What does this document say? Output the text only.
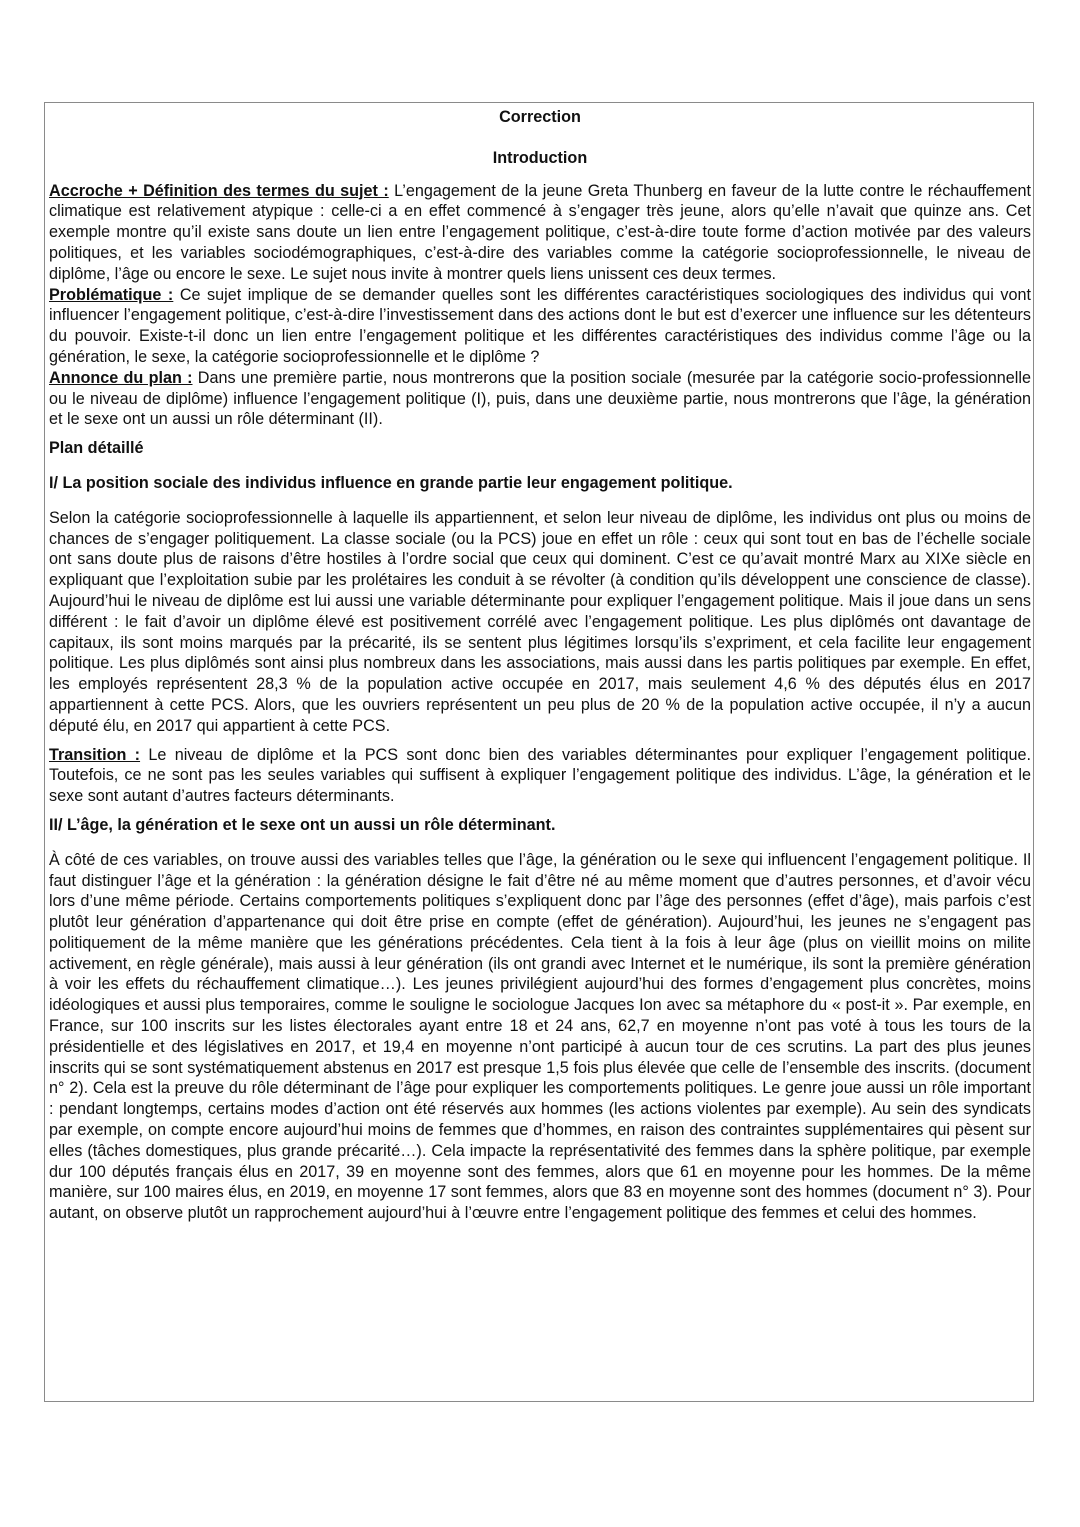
Correction
Introduction

Accroche + Définition des termes du sujet : L’engagement de la jeune Greta Thunberg en faveur de la lutte contre le réchauffement climatique est relativement atypique : celle-ci a en effet commencé à s’engager très jeune, alors qu’elle n’avait que quinze ans. Cet exemple montre qu’il existe sans doute un lien entre l’engagement politique, c’est-à-dire toute forme d’action motivée par des valeurs politiques, et les variables sociodémographiques, c’est-à-dire des variables comme la catégorie socioprofessionnelle, le niveau de diplôme, l’âge ou encore le sexe. Le sujet nous invite à montrer quels liens unissent ces deux termes.

Problématique : Ce sujet implique de se demander quelles sont les différentes caractéristiques sociologiques des individus qui vont influencer l’engagement politique, c’est-à-dire l’investissement dans des actions dont le but est d’exercer une influence sur les détenteurs du pouvoir. Existe-t-il donc un lien entre l’engagement politique et les différentes caractéristiques des individus comme l’âge ou la génération, le sexe, la catégorie socioprofessionnelle et le diplôme ?

Annonce du plan : Dans une première partie, nous montrerons que la position sociale (mesurée par la catégorie socio-professionnelle ou le niveau de diplôme) influence l’engagement politique (I), puis, dans une deuxième partie, nous montrerons que l’âge, la génération et le sexe ont un aussi un rôle déterminant (II).

Plan détaillé
I/ La position sociale des individus influence en grande partie leur engagement politique.

Selon la catégorie socioprofessionnelle à laquelle ils appartiennent, et selon leur niveau de diplôme, les individus ont plus ou moins de chances de s’engager politiquement. La classe sociale (ou la PCS) joue en effet un rôle : ceux qui sont tout en bas de l’échelle sociale ont sans doute plus de raisons d’être hostiles à l’ordre social que ceux qui dominent. C’est ce qu’avait montré Marx au XIXe siècle en expliquant que l’exploitation subie par les prolétaires les conduit à se révolter (à condition qu’ils développent une conscience de classe). Aujourd’hui le niveau de diplôme est lui aussi une variable déterminante pour expliquer l’engagement politique. Mais il joue dans un sens différent : le fait d’avoir un diplôme élevé est positivement corrélé avec l’engagement politique. Les plus diplômés ont davantage de capitaux, ils sont moins marqués par la précarité, ils se sentent plus légitimes lorsqu’ils s’expriment, et cela facilite leur engagement politique. Les plus diplômés sont ainsi plus nombreux dans les associations, mais aussi dans les partis politiques par exemple. En effet, les employés représentent 28,3 % de la population active occupée en 2017, mais seulement 4,6 % des députés élus en 2017 appartiennent à cette PCS. Alors, que les ouvriers représentent un peu plus de 20 % de la population active occupée, il n’y a aucun député élu, en 2017 qui appartient à cette PCS.

Transition : Le niveau de diplôme et la PCS sont donc bien des variables déterminantes pour expliquer l’engagement politique. Toutefois, ce ne sont pas les seules variables qui suffisent à expliquer l’engagement politique des individus. L’âge, la génération et le sexe sont autant d’autres facteurs déterminants.

II/ L’âge, la génération et le sexe ont un aussi un rôle déterminant.

À côté de ces variables, on trouve aussi des variables telles que l’âge, la génération ou le sexe qui influencent l’engagement politique. Il faut distinguer l’âge et la génération : la génération désigne le fait d’être né au même moment que d’autres personnes, et d’avoir vécu lors d’une même période. Certains comportements politiques s’expliquent donc par l’âge des personnes (effet d’âge), mais parfois c’est plutôt leur génération d’appartenance qui doit être prise en compte (effet de génération). Aujourd’hui, les jeunes ne s’engagent pas politiquement de la même manière que les générations précédentes. Cela tient à la fois à leur âge (plus on vieillit moins on milite activement, en règle générale), mais aussi à leur génération (ils ont grandi avec Internet et le numérique, ils sont la première génération à voir les effets du réchauffement climatique…). Les jeunes privilégient aujourd’hui des formes d’engagement plus concrètes, moins idéologiques et aussi plus temporaires, comme le souligne le sociologue Jacques Ion avec sa métaphore du « post-it ». Par exemple, en France, sur 100 inscrits sur les listes électorales ayant entre 18 et 24 ans, 62,7 en moyenne n’ont pas voté à tous les tours de la présidentielle et des législatives en 2017, et 19,4 en moyenne n’ont participé à aucun tour de ces scrutins. La part des plus jeunes inscrits qui se sont systématiquement abstenus en 2017 est presque 1,5 fois plus élevée que celle de l’ensemble des inscrits. (document n° 2). Cela est la preuve du rôle déterminant de l’âge pour expliquer les comportements politiques. Le genre joue aussi un rôle important : pendant longtemps, certains modes d’action ont été réservés aux hommes (les actions violentes par exemple). Au sein des syndicats par exemple, on compte encore aujourd’hui moins de femmes que d’hommes, en raison des contraintes supplémentaires qui pèsent sur elles (tâches domestiques, plus grande précarité…). Cela impacte la représentativité des femmes dans la sphère politique, par exemple dur 100 députés français élus en 2017, 39 en moyenne sont des femmes, alors que 61 en moyenne pour les hommes. De la même manière, sur 100 maires élus, en 2019, en moyenne 17 sont femmes, alors que 83 en moyenne sont des hommes (document n° 3). Pour autant, on observe plutôt un rapprochement aujourd’hui à l’œuvre entre l’engagement politique des femmes et celui des hommes.
